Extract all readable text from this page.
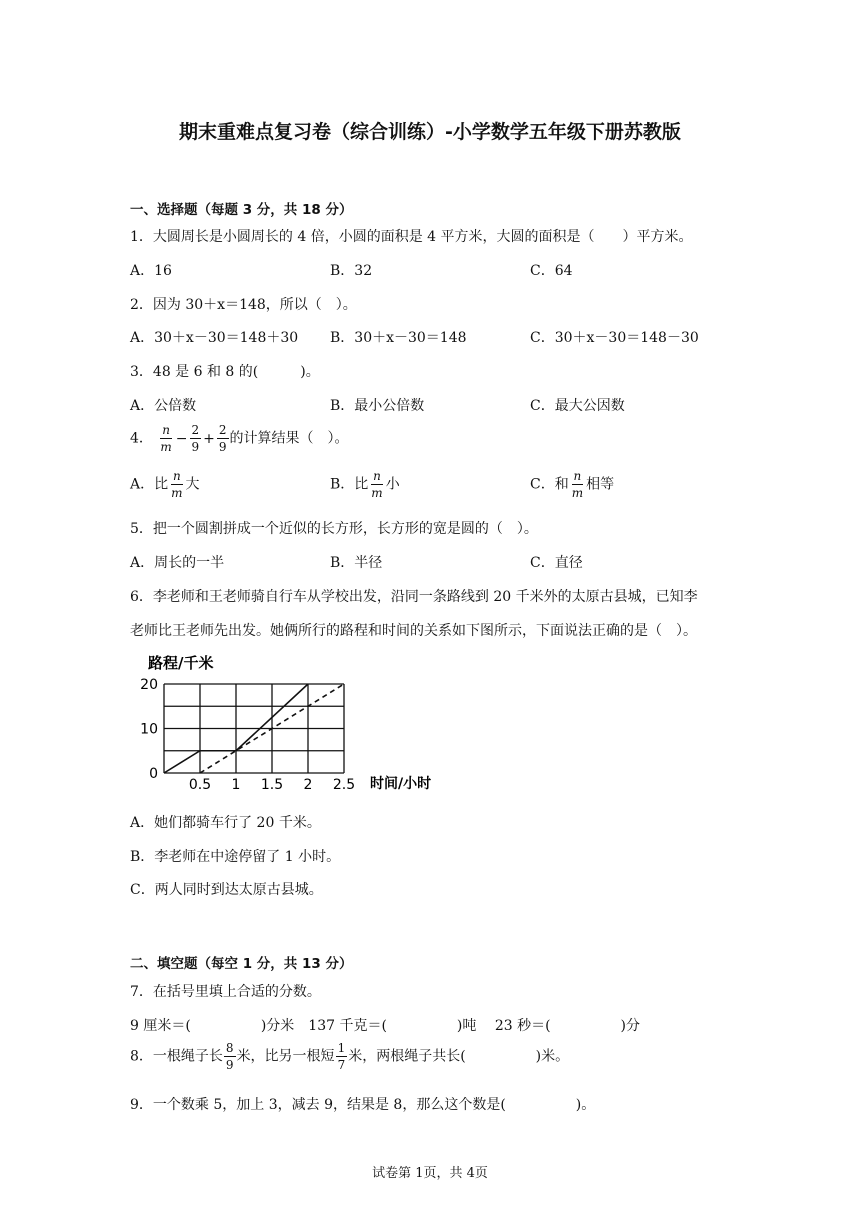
期末重难点复习卷（综合训练）-小学数学五年级下册苏教版
一、选择题（每题 3 分，共 18 分）
1．大圆周长是小圆周长的 4 倍，小圆的面积是 4 平方米，大圆的面积是（　　）平方米。
A．16	B．32	C．64
2．因为 30＋x＝148，所以（　）。
A．30＋x－30＝148＋30 B．30＋x－30＝148	C．30＋x－30＝148－30
3．48 是 6 和 8 的(　　　)。
A．公倍数	B．最小公倍数	C．最大公因数
4． $\frac{n}{m} - \frac{2}{9} + \frac{2}{9}$ 的计算结果（　）。
A．比 $\frac{n}{m}$ 大	B．比 $\frac{n}{m}$ 小	C．和 $\frac{n}{m}$ 相等
5．把一个圆割拼成一个近似的长方形，长方形的宽是圆的（　）。
A．周长的一半	B．半径	C．直径
6．李老师和王老师骑自行车从学校出发，沿同一条路线到 20 千米外的太原古县城，已知李
老师比王老师先出发。她俩所行的路程和时间的关系如下图所示，下面说法正确的是（　）。
路程/千米
时间/小时
0.5 1 1.5 2 2.5
0
10
20
A．她们都骑车行了 20 千米。
B．李老师在中途停留了 1 小时。
C．两人同时到达太原古县城。
二、填空题（每空 1 分，共 13 分）
7．在括号里填上合适的分数。
9 厘米＝(　　　　　)分米　137 千克＝(　　　　　)吨　 23 秒＝(　　　　　)分
8．一根绳子长 $\frac{8}{9}$ 米，比另一根短 $\frac{1}{7}$ 米，两根绳子共长(　　　　　)米。
9．一个数乘 5，加上 3，减去 9，结果是 8，那么这个数是(　　　　　)。
试卷第 1页，共 4页
